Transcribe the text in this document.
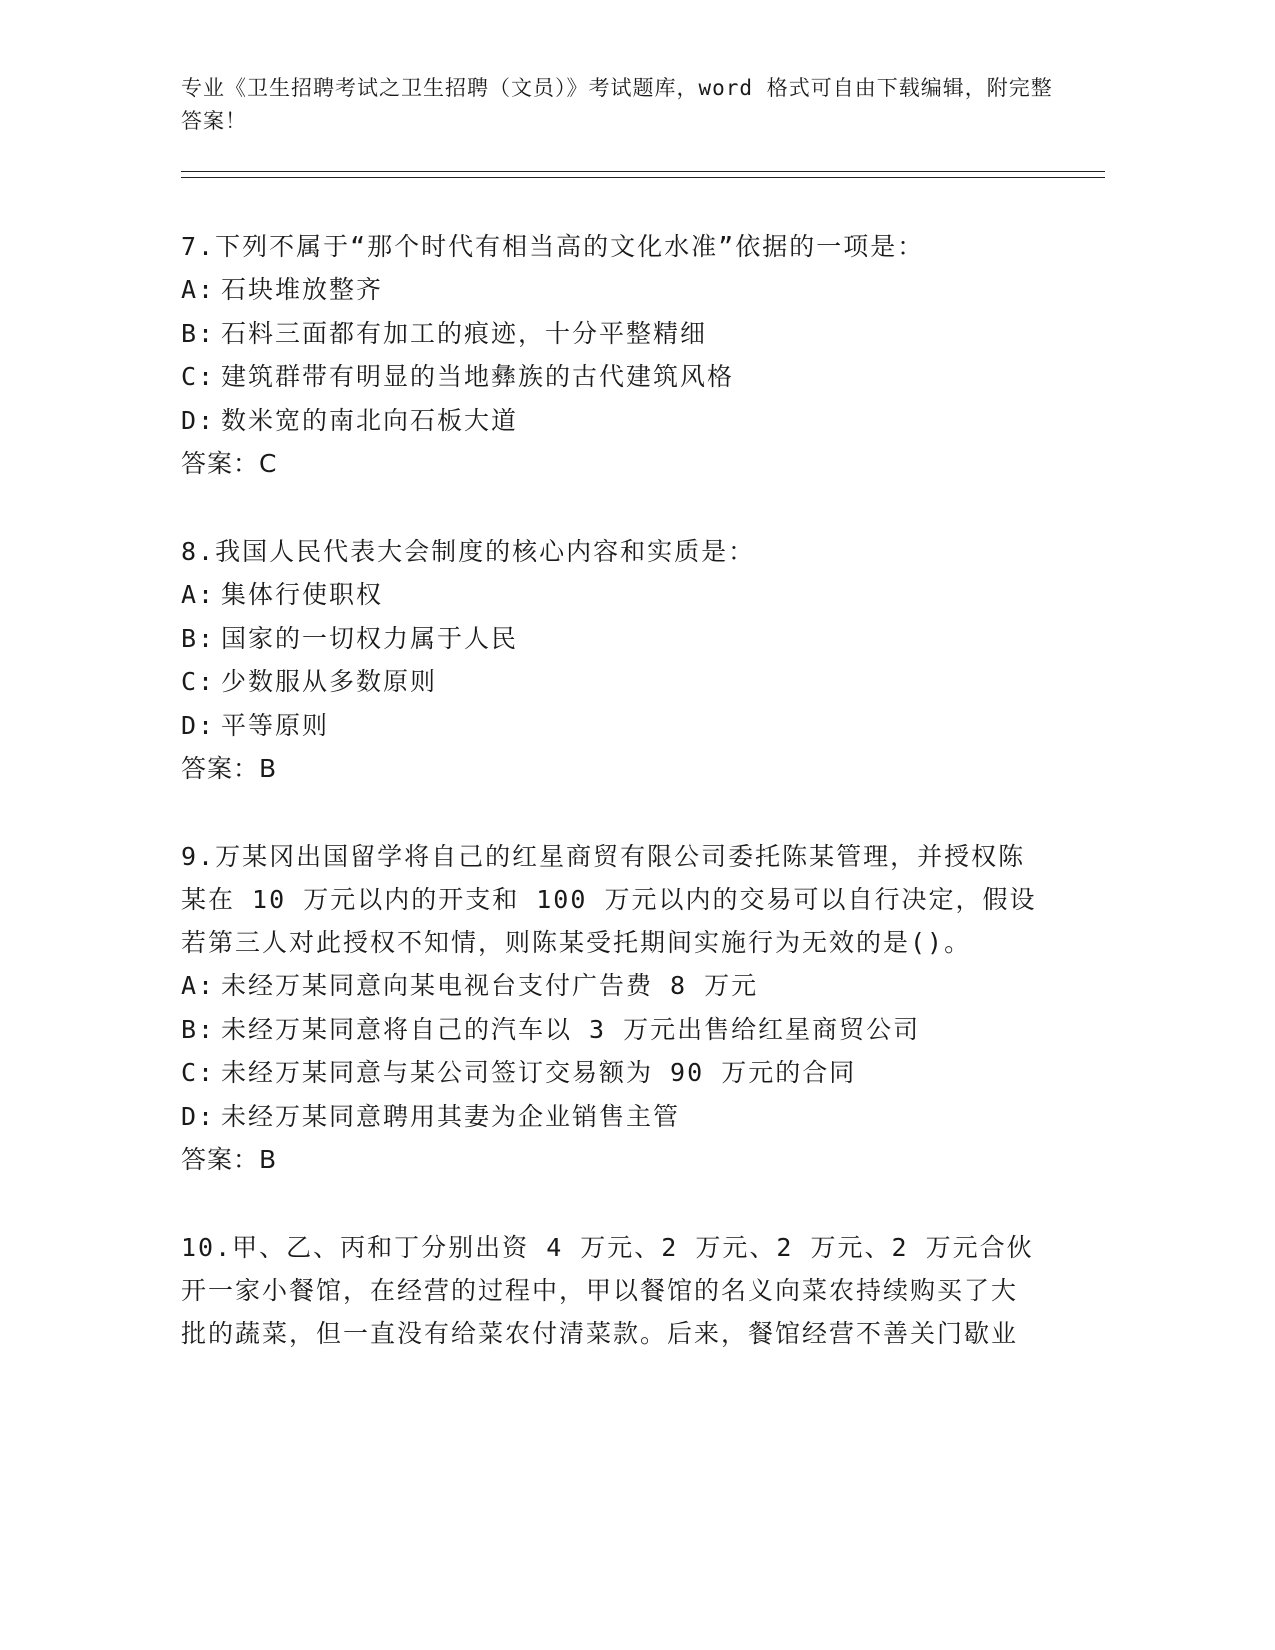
专业《卫生招聘考试之卫生招聘（文员）》考试题库，word 格式可自由下载编辑，附完整答案！
7.下列不属于“那个时代有相当高的文化水准”依据的一项是：
A: 石块堆放整齐
B: 石料三面都有加工的痕迹，十分平整精细
C: 建筑群带有明显的当地彝族的古代建筑风格
D: 数米宽的南北向石板大道
答案：C
8.我国人民代表大会制度的核心内容和实质是：
A: 集体行使职权
B: 国家的一切权力属于人民
C: 少数服从多数原则
D: 平等原则
答案：B
9.万某冈出国留学将自己的红星商贸有限公司委托陈某管理，并授权陈某在 10 万元以内的开支和 100 万元以内的交易可以自行决定，假设若第三人对此授权不知情，则陈某受托期间实施行为无效的是()。
A: 未经万某同意向某电视台支付广告费 8 万元
B: 未经万某同意将自己的汽车以 3 万元出售给红星商贸公司
C: 未经万某同意与某公司签订交易额为 90 万元的合同
D: 未经万某同意聘用其妻为企业销售主管
答案：B
10.甲、乙、丙和丁分别出资 4 万元、2 万元、2 万元、2 万元合伙开一家小餐馆，在经营的过程中，甲以餐馆的名义向菜农持续购买了大批的蔬菜，但一直没有给菜农付清菜款。后来，餐馆经营不善关门歇业
